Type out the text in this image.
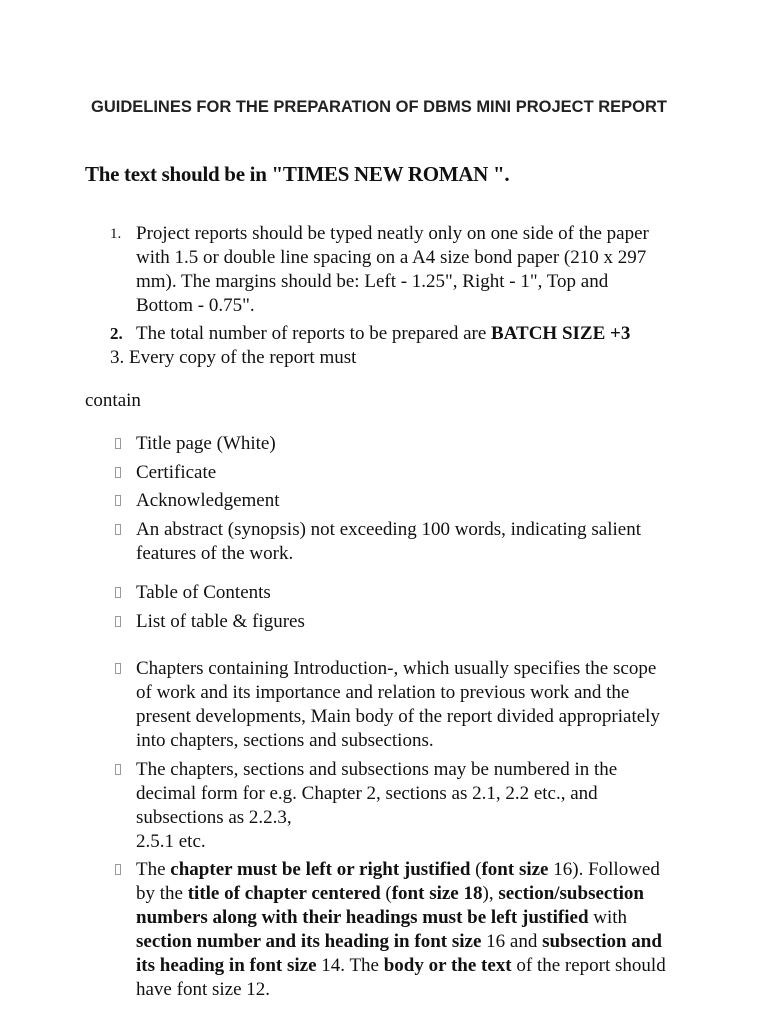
GUIDELINES FOR THE PREPARATION OF DBMS MINI PROJECT REPORT
The text should be in "TIMES NEW ROMAN ".
1. Project reports should be typed neatly only on one side of the paper with 1.5 or double line spacing on a A4 size bond paper (210 x 297 mm). The margins should be: Left - 1.25", Right - 1", Top and Bottom - 0.75".
2. The total number of reports to be prepared are BATCH SIZE +3
3. Every copy of the report must
contain
Title page (White)
Certificate
Acknowledgement
An abstract (synopsis) not exceeding 100 words, indicating salient features of the work.
Table of Contents
List of table & figures
Chapters containing Introduction-, which usually specifies the scope of work and its importance and relation to previous work and the present developments, Main body of the report divided appropriately into chapters, sections and subsections.
The chapters, sections and subsections may be numbered in the decimal form for e.g. Chapter 2, sections as 2.1, 2.2 etc., and subsections as 2.2.3,
2.5.1 etc.
The chapter must be left or right justified (font size 16). Followed by the title of chapter centered (font size 18), section/subsection numbers along with their headings must be left justified with section number and its heading in font size 16 and subsection and its heading in font size 14. The body or the text of the report should have font size 12.
